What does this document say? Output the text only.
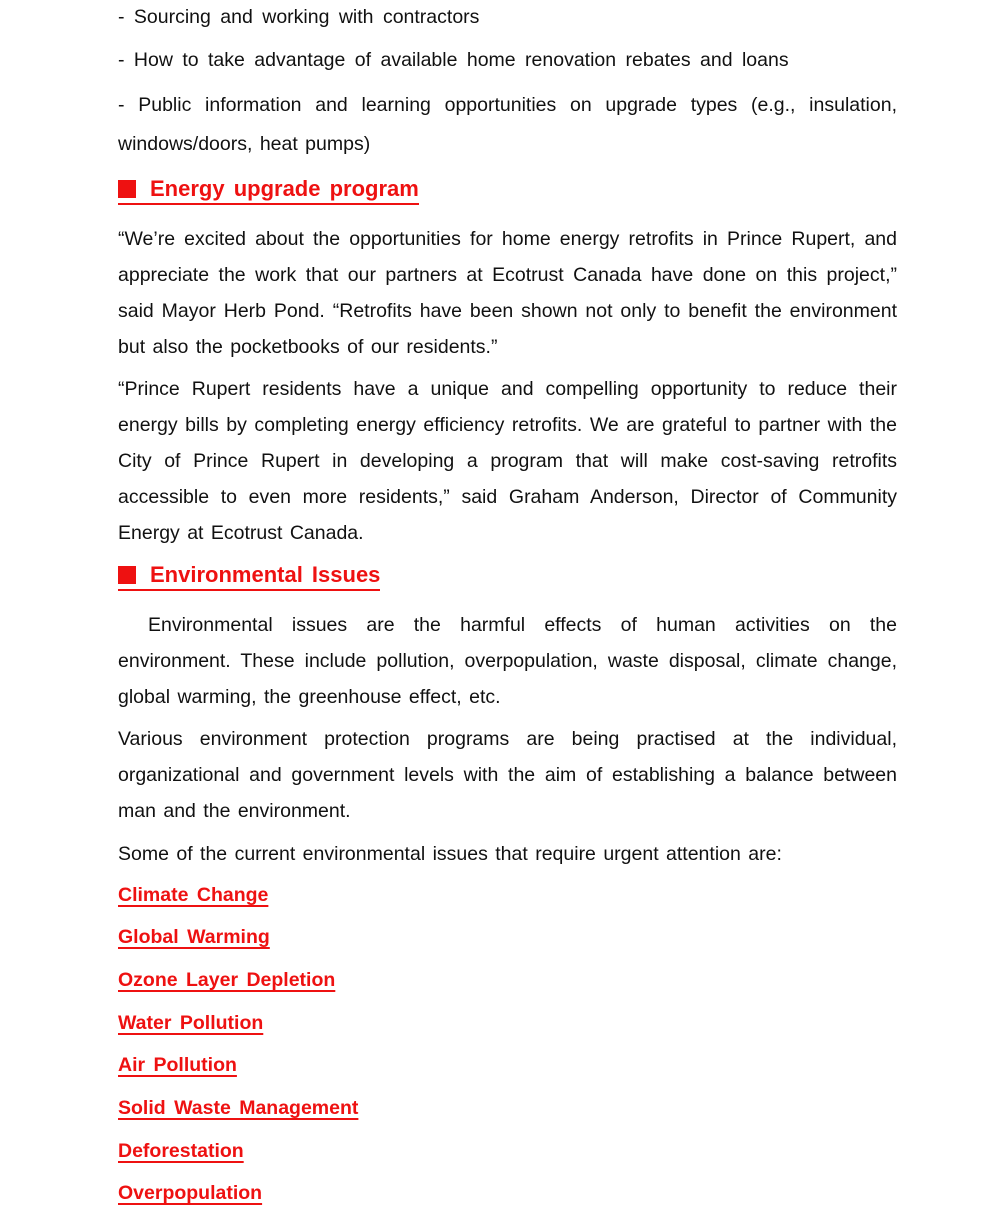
- Sourcing and working with contractors

- How to take advantage of available home renovation rebates and loans

- Public information and learning opportunities on upgrade types (e.g., insulation, windows/doors, heat pumps)

Energy upgrade program

“We’re excited about the opportunities for home energy retrofits in Prince Rupert, and appreciate the work that our partners at Ecotrust Canada have done on this project,” said Mayor Herb Pond. “Retrofits have been shown not only to benefit the environment but also the pocketbooks of our residents.”

“Prince Rupert residents have a unique and compelling opportunity to reduce their energy bills by completing energy efficiency retrofits. We are grateful to partner with the City of Prince Rupert in developing a program that will make cost-saving retrofits accessible to even more residents,” said Graham Anderson, Director of Community Energy at Ecotrust Canada.

Environmental Issues

Environmental issues are the harmful effects of human activities on the environment. These include pollution, overpopulation, waste disposal, climate change, global warming, the greenhouse effect, etc.

Various environment protection programs are being practised at the individual, organizational and government levels with the aim of establishing a balance between man and the environment.

Some of the current environmental issues that require urgent attention are:

Climate Change
Global Warming
Ozone Layer Depletion
Water Pollution
Air Pollution
Solid Waste Management
Deforestation
Overpopulation
